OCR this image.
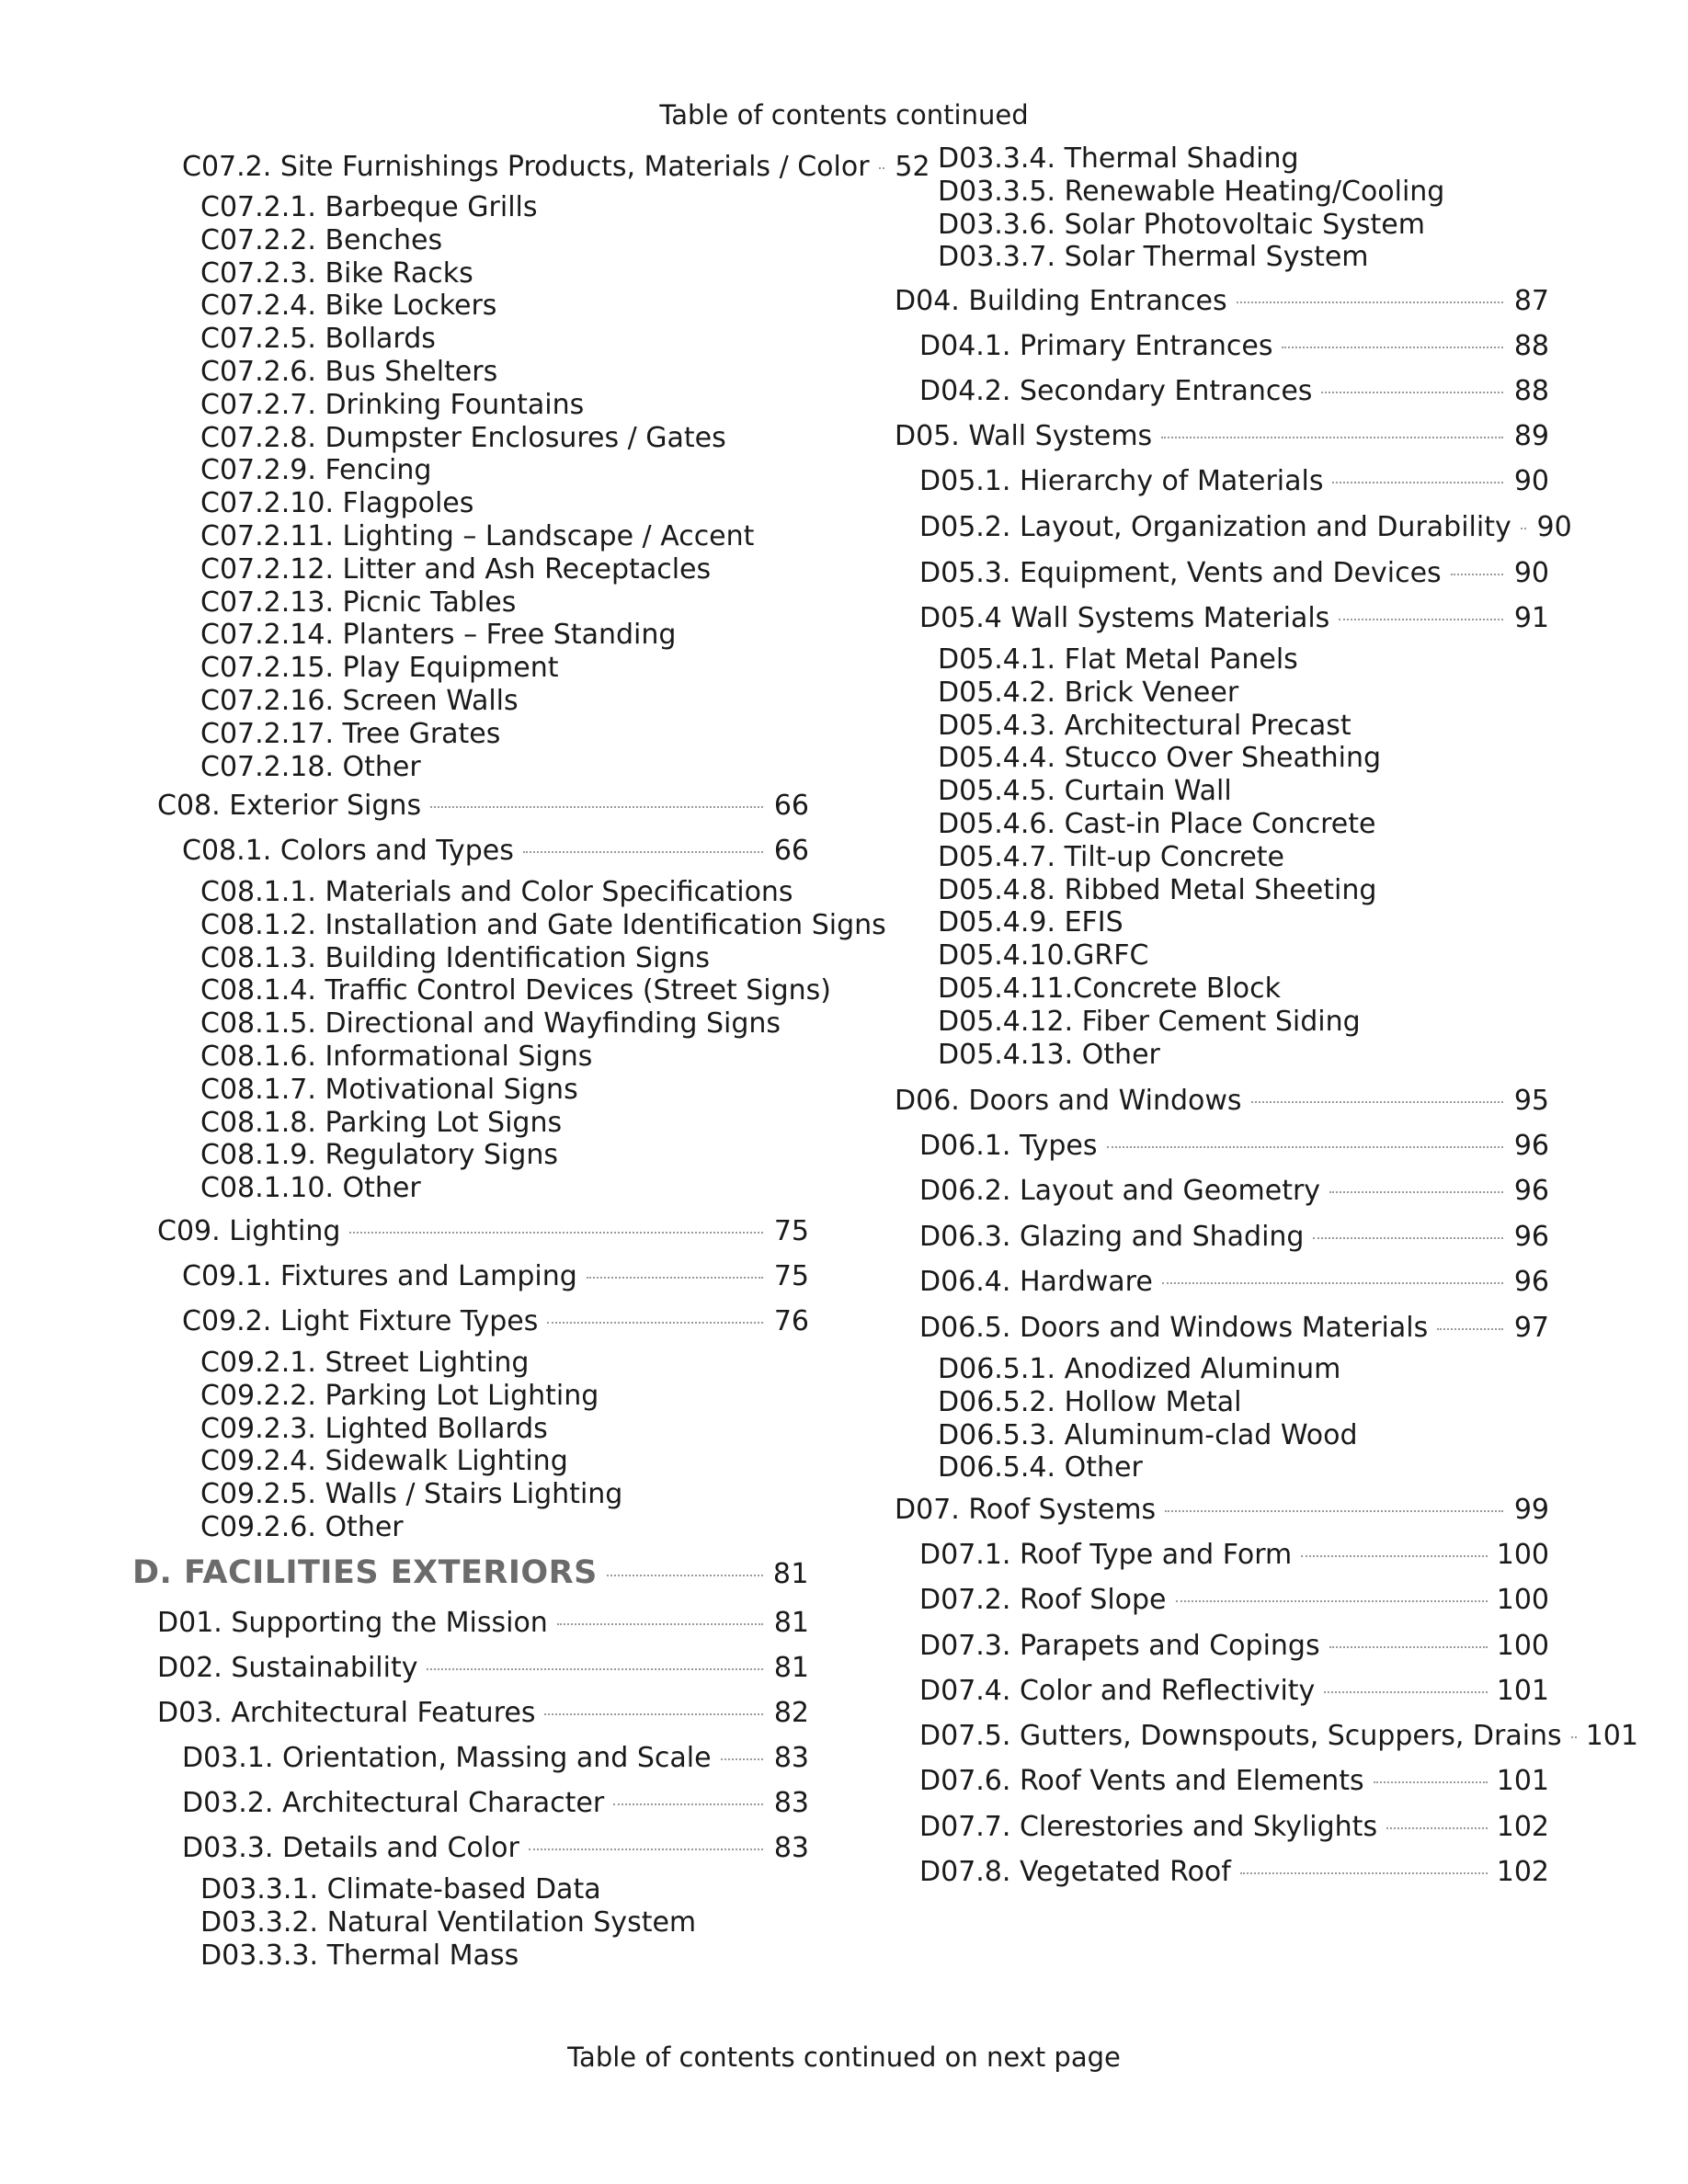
Table of contents continued
C07.2. Site Furnishings Products, Materials / Color 52
C07.2.1. Barbeque Grills
C07.2.2. Benches
C07.2.3. Bike Racks
C07.2.4. Bike Lockers
C07.2.5. Bollards
C07.2.6. Bus Shelters
C07.2.7. Drinking Fountains
C07.2.8. Dumpster Enclosures / Gates
C07.2.9. Fencing
C07.2.10. Flagpoles
C07.2.11. Lighting – Landscape / Accent
C07.2.12. Litter and Ash Receptacles
C07.2.13. Picnic Tables
C07.2.14. Planters – Free Standing
C07.2.15. Play Equipment
C07.2.16. Screen Walls
C07.2.17. Tree Grates
C07.2.18. Other
C08. Exterior Signs	66
C08.1. Colors and Types	66
C08.1.1. Materials and Color Specifications
C08.1.2. Installation and Gate Identification Signs
C08.1.3. Building Identification Signs
C08.1.4. Traffic Control Devices (Street Signs)
C08.1.5. Directional and Wayfinding Signs
C08.1.6. Informational Signs
C08.1.7. Motivational Signs
C08.1.8. Parking Lot Signs
C08.1.9. Regulatory Signs
C08.1.10. Other
C09. Lighting	75
C09.1. Fixtures and Lamping	75
C09.2. Light Fixture Types	76
C09.2.1. Street Lighting
C09.2.2. Parking Lot Lighting
C09.2.3. Lighted Bollards
C09.2.4. Sidewalk Lighting
C09.2.5. Walls / Stairs Lighting
C09.2.6. Other
D. FACILITIES EXTERIORS	81
D01. Supporting the Mission	81
D02. Sustainability	81
D03. Architectural Features	82
D03.1. Orientation, Massing and Scale 83
D03.2. Architectural Character	83
D03.3. Details and Color	83
D03.3.1. Climate-based Data
D03.3.2. Natural Ventilation System
D03.3.3. Thermal Mass
D03.3.4. Thermal Shading
D03.3.5. Renewable Heating/Cooling
D03.3.6. Solar Photovoltaic System
D03.3.7. Solar Thermal System
D04. Building Entrances	87
D04.1. Primary Entrances	88
D04.2. Secondary Entrances	88
D05. Wall Systems	89
D05.1. Hierarchy of Materials	90
D05.2. Layout, Organization and Durability 90
D05.3. Equipment, Vents and Devices	90
D05.4 Wall Systems Materials	91
D05.4.1. Flat Metal Panels
D05.4.2. Brick Veneer
D05.4.3. Architectural Precast
D05.4.4. Stucco Over Sheathing
D05.4.5. Curtain Wall
D05.4.6. Cast-in Place Concrete
D05.4.7. Tilt-up Concrete
D05.4.8. Ribbed Metal Sheeting
D05.4.9. EFIS
D05.4.10.GRFC
D05.4.11.Concrete Block
D05.4.12. Fiber Cement Siding
D05.4.13. Other
D06. Doors and Windows	95
D06.1. Types	96
D06.2. Layout and Geometry	96
D06.3. Glazing and Shading	96
D06.4. Hardware	96
D06.5. Doors and Windows Materials	97
D06.5.1. Anodized Aluminum
D06.5.2. Hollow Metal
D06.5.3. Aluminum-clad Wood
D06.5.4. Other
D07. Roof Systems	99
D07.1. Roof Type and Form	100
D07.2. Roof Slope	100
D07.3. Parapets and Copings	100
D07.4. Color and Reflectivity	101
D07.5. Gutters, Downspouts, Scuppers, Drains 101
D07.6. Roof Vents and Elements	101
D07.7. Clerestories and Skylights	102
D07.8. Vegetated Roof	102
Table of contents continued on next page
